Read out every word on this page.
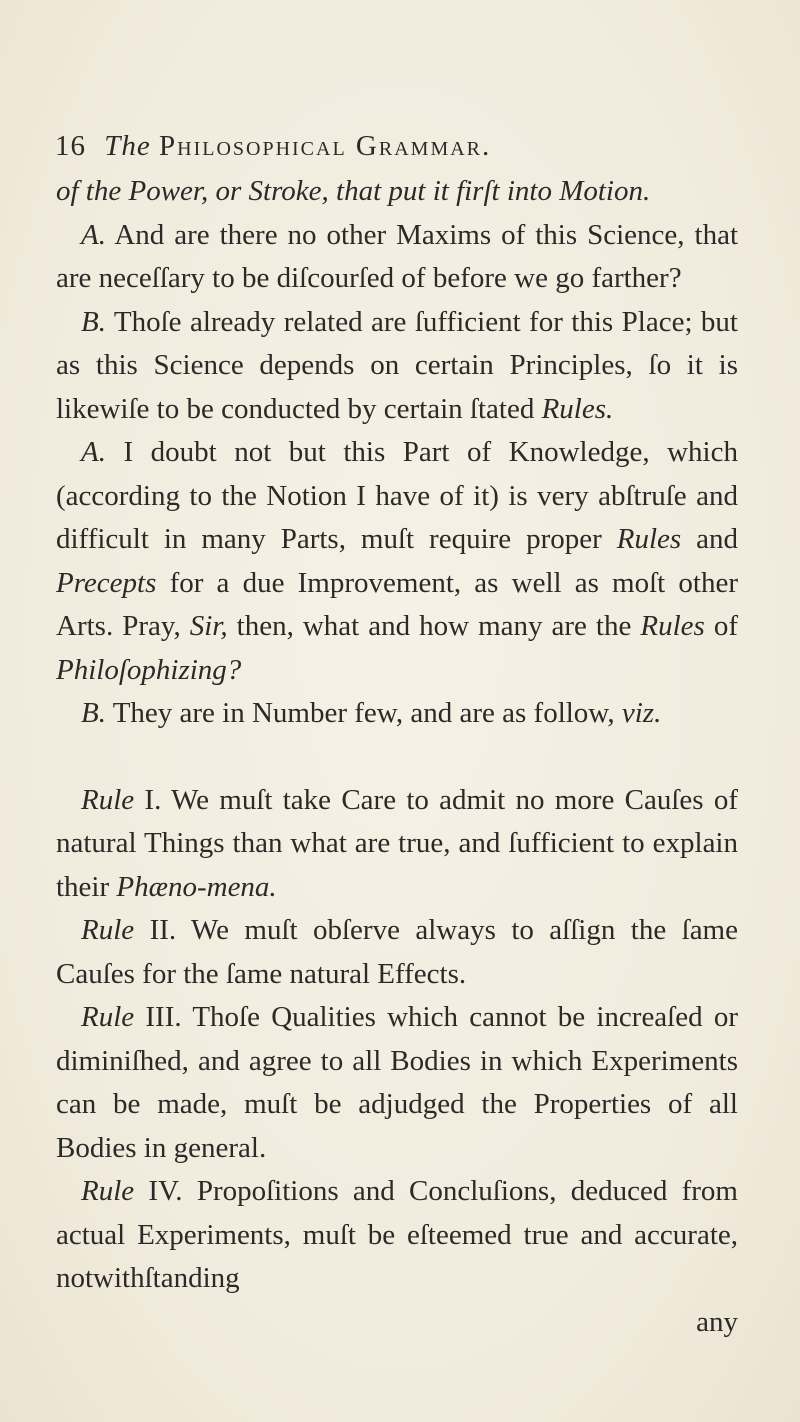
16 The Philosophical Grammar.

of the Power, or Stroke, that put it firſt into Motion.

A. And are there no other Maxims of this Science, that are neceſſary to be diſcourſed of before we go farther?

B. Thoſe already related are ſufficient for this Place; but as this Science depends on certain Principles, ſo it is likewiſe to be conducted by certain ſtated Rules.

A. I doubt not but this Part of Knowledge, which (according to the Notion I have of it) is very abſtruſe and difficult in many Parts, muſt require proper Rules and Precepts for a due Improvement, as well as moſt other Arts. Pray, Sir, then, what and how many are the Rules of Philoſophizing?

B. They are in Number few, and are as follow, viz.

Rule I. We muſt take Care to admit no more Cauſes of natural Things than what are true, and ſufficient to explain their Phæno-mena.

Rule II. We muſt obſerve always to aſſign the ſame Cauſes for the ſame natural Effects.

Rule III. Thoſe Qualities which cannot be increaſed or diminiſhed, and agree to all Bodies in which Experiments can be made, muſt be adjudged the Properties of all Bodies in general.

Rule IV. Propoſitions and Concluſions, deduced from actual Experiments, muſt be eſteemed true and accurate, notwithſtanding

any
